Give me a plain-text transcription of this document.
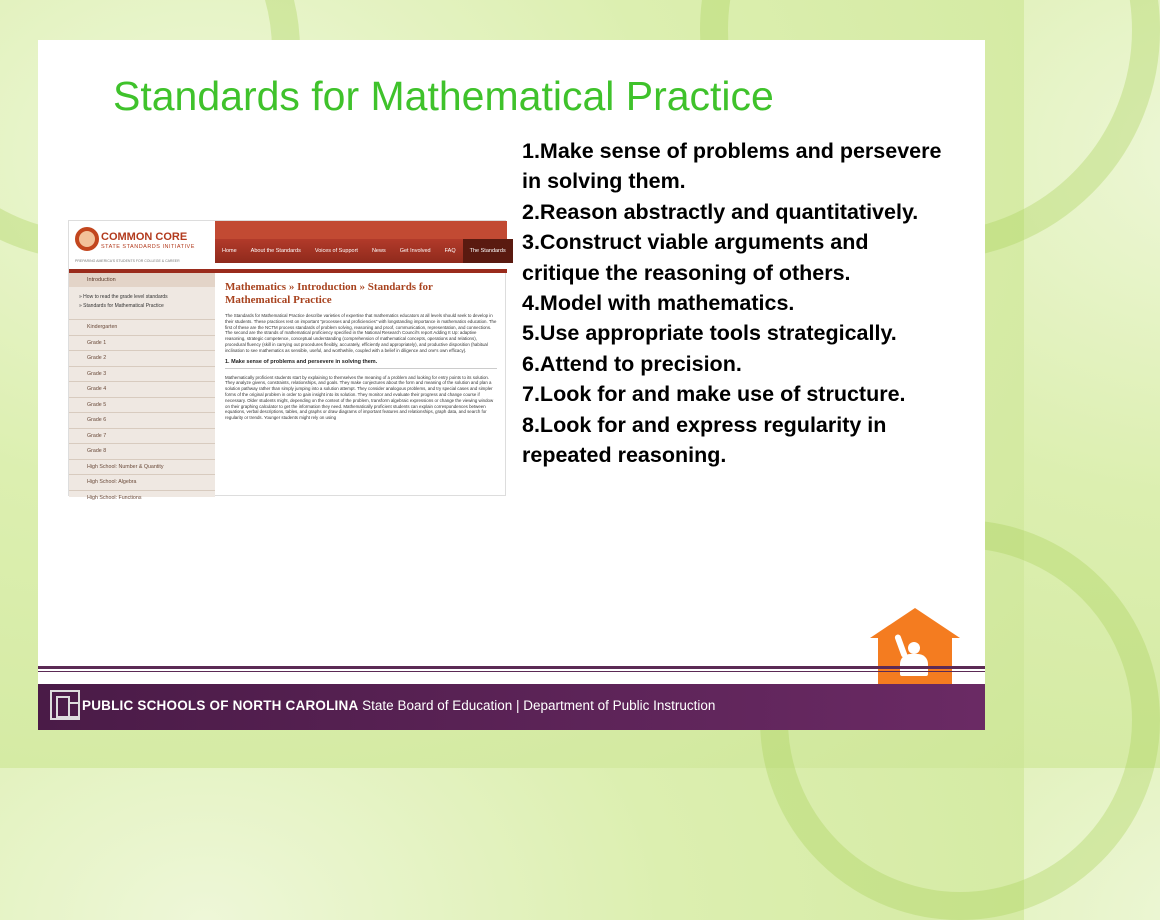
Standards for Mathematical Practice
COMMON CORE
STATE STANDARDS INITIATIVE
PREPARING AMERICA'S STUDENTS FOR COLLEGE & CAREER
Home	About the Standards	Voices of Support	News	Get Involved	FAQ	The Standards
Introduction
» How to read the grade level standards
» Standards for Mathematical Practice
Kindergarten
Grade 1
Grade 2
Grade 3
Grade 4
Grade 5
Grade 6
Grade 7
Grade 8
High School: Number & Quantity
High School: Algebra
High School: Functions
Mathematics » Introduction » Standards for Mathematical Practice
The Standards for Mathematical Practice describe varieties of expertise that mathematics educators at all levels should seek to develop in their students. These practices rest on important "processes and proficiencies" with longstanding importance in mathematics education. The first of these are the NCTM process standards of problem solving, reasoning and proof, communication, representation, and connections. The second are the strands of mathematical proficiency specified in the National Research Council's report Adding It Up: adaptive reasoning, strategic competence, conceptual understanding (comprehension of mathematical concepts, operations and relations), procedural fluency (skill in carrying out procedures flexibly, accurately, efficiently and appropriately), and productive disposition (habitual inclination to see mathematics as sensible, useful, and worthwhile, coupled with a belief in diligence and one's own efficacy).
1. Make sense of problems and persevere in solving them.
Mathematically proficient students start by explaining to themselves the meaning of a problem and looking for entry points to its solution. They analyze givens, constraints, relationships, and goals. They make conjectures about the form and meaning of the solution and plan a solution pathway rather than simply jumping into a solution attempt. They consider analogous problems, and try special cases and simpler forms of the original problem in order to gain insight into its solution. They monitor and evaluate their progress and change course if necessary. Older students might, depending on the context of the problem, transform algebraic expressions or change the viewing window on their graphing calculator to get the information they need. Mathematically proficient students can explain correspondences between equations, verbal descriptions, tables, and graphs or draw diagrams of important features and relationships, graph data, and search for regularity or trends. Younger students might rely on using
1.Make sense of problems and persevere in solving them.
2.Reason abstractly and quantitatively.
3.Construct viable arguments and critique the reasoning of others.
4.Model with mathematics.
5.Use appropriate tools strategically.
6.Attend to precision.
7.Look for and make use of structure.
8.Look for and express regularity in repeated reasoning.
PUBLIC SCHOOLS OF NORTH CAROLINA State Board of Education | Department of Public Instruction
